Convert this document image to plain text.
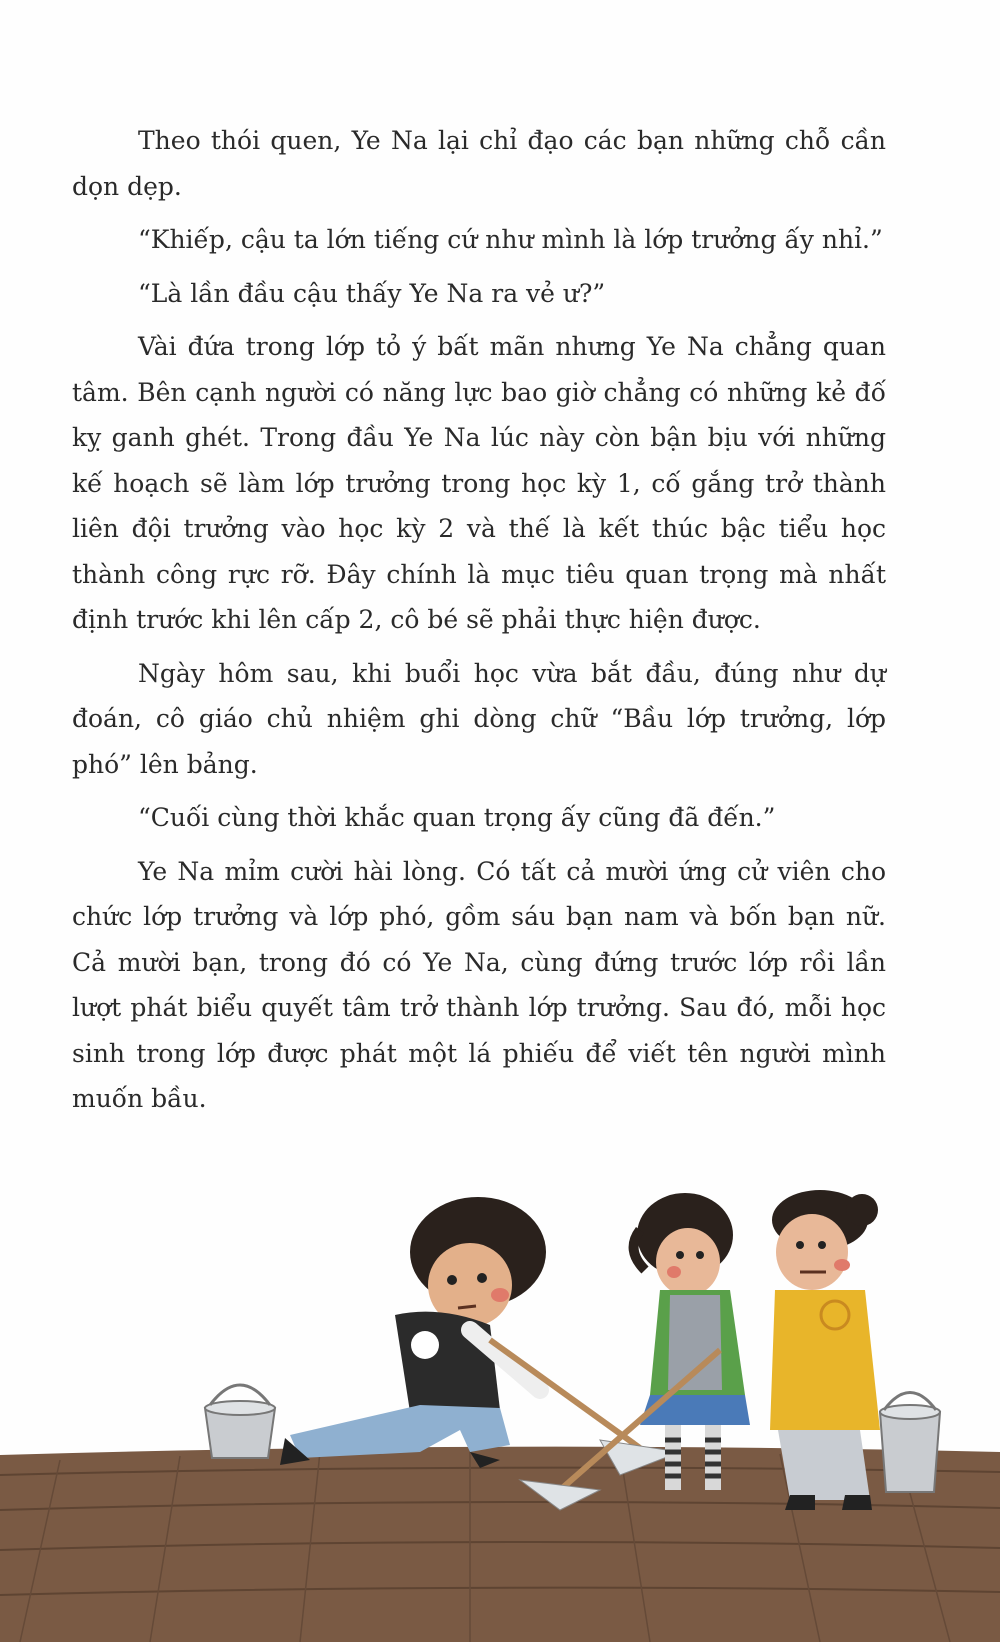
Theo thói quen, Ye Na lại chỉ đạo các bạn những chỗ cần dọn dẹp.

“Khiếp, cậu ta lớn tiếng cứ như mình là lớp trưởng ấy nhỉ.”

“Là lần đầu cậu thấy Ye Na ra vẻ ư?”

Vài đứa trong lớp tỏ ý bất mãn nhưng Ye Na chẳng quan tâm. Bên cạnh người có năng lực bao giờ chẳng có những kẻ đố kỵ ganh ghét. Trong đầu Ye Na lúc này còn bận bịu với những kế hoạch sẽ làm lớp trưởng trong học kỳ 1, cố gắng trở thành liên đội trưởng vào học kỳ 2 và thế là kết thúc bậc tiểu học thành công rực rỡ. Đây chính là mục tiêu quan trọng mà nhất định trước khi lên cấp 2, cô bé sẽ phải thực hiện được.

Ngày hôm sau, khi buổi học vừa bắt đầu, đúng như dự đoán, cô giáo chủ nhiệm ghi dòng chữ “Bầu lớp trưởng, lớp phó” lên bảng.

“Cuối cùng thời khắc quan trọng ấy cũng đã đến.”

Ye Na mỉm cười hài lòng. Có tất cả mười ứng cử viên cho chức lớp trưởng và lớp phó, gồm sáu bạn nam và bốn bạn nữ. Cả mười bạn, trong đó có Ye Na, cùng đứng trước lớp rồi lần lượt phát biểu quyết tâm trở thành lớp trưởng. Sau đó, mỗi học sinh trong lớp được phát một lá phiếu để viết tên người mình muốn bầu.
